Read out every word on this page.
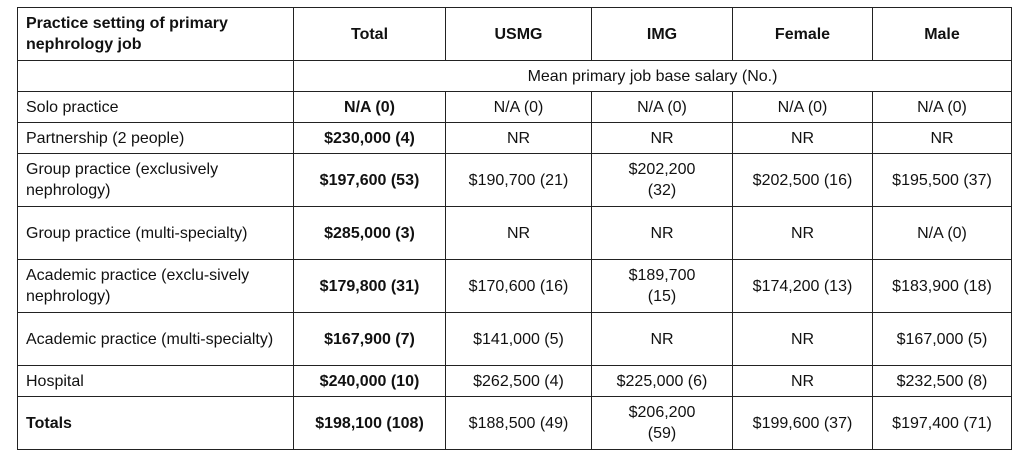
Practice setting of primary nephrology job	Total	USMG	IMG	Female	Male
	Mean primary job base salary (No.)				
Solo practice	N/A (0)	N/A (0)	N/A (0)	N/A (0)	N/A (0)
Partnership (2 people)	$230,000 (4)	NR	NR	NR	NR
Group practice (exclusively nephrology)	$197,600 (53)	$190,700 (21)	$202,200 (32)	$202,500 (16)	$195,500 (37)
Group practice (multi-specialty)	$285,000 (3)	NR	NR	NR	N/A (0)
Academic practice (exclu-sively nephrology)	$179,800 (31)	$170,600 (16)	$189,700 (15)	$174,200 (13)	$183,900 (18)
Academic practice (multi-specialty)	$167,900 (7)	$141,000 (5)	NR	NR	$167,000 (5)
Hospital	$240,000 (10)	$262,500 (4)	$225,000 (6)	NR	$232,500 (8)
Totals	$198,100 (108)	$188,500 (49)	$206,200 (59)	$199,600 (37)	$197,400 (71)
